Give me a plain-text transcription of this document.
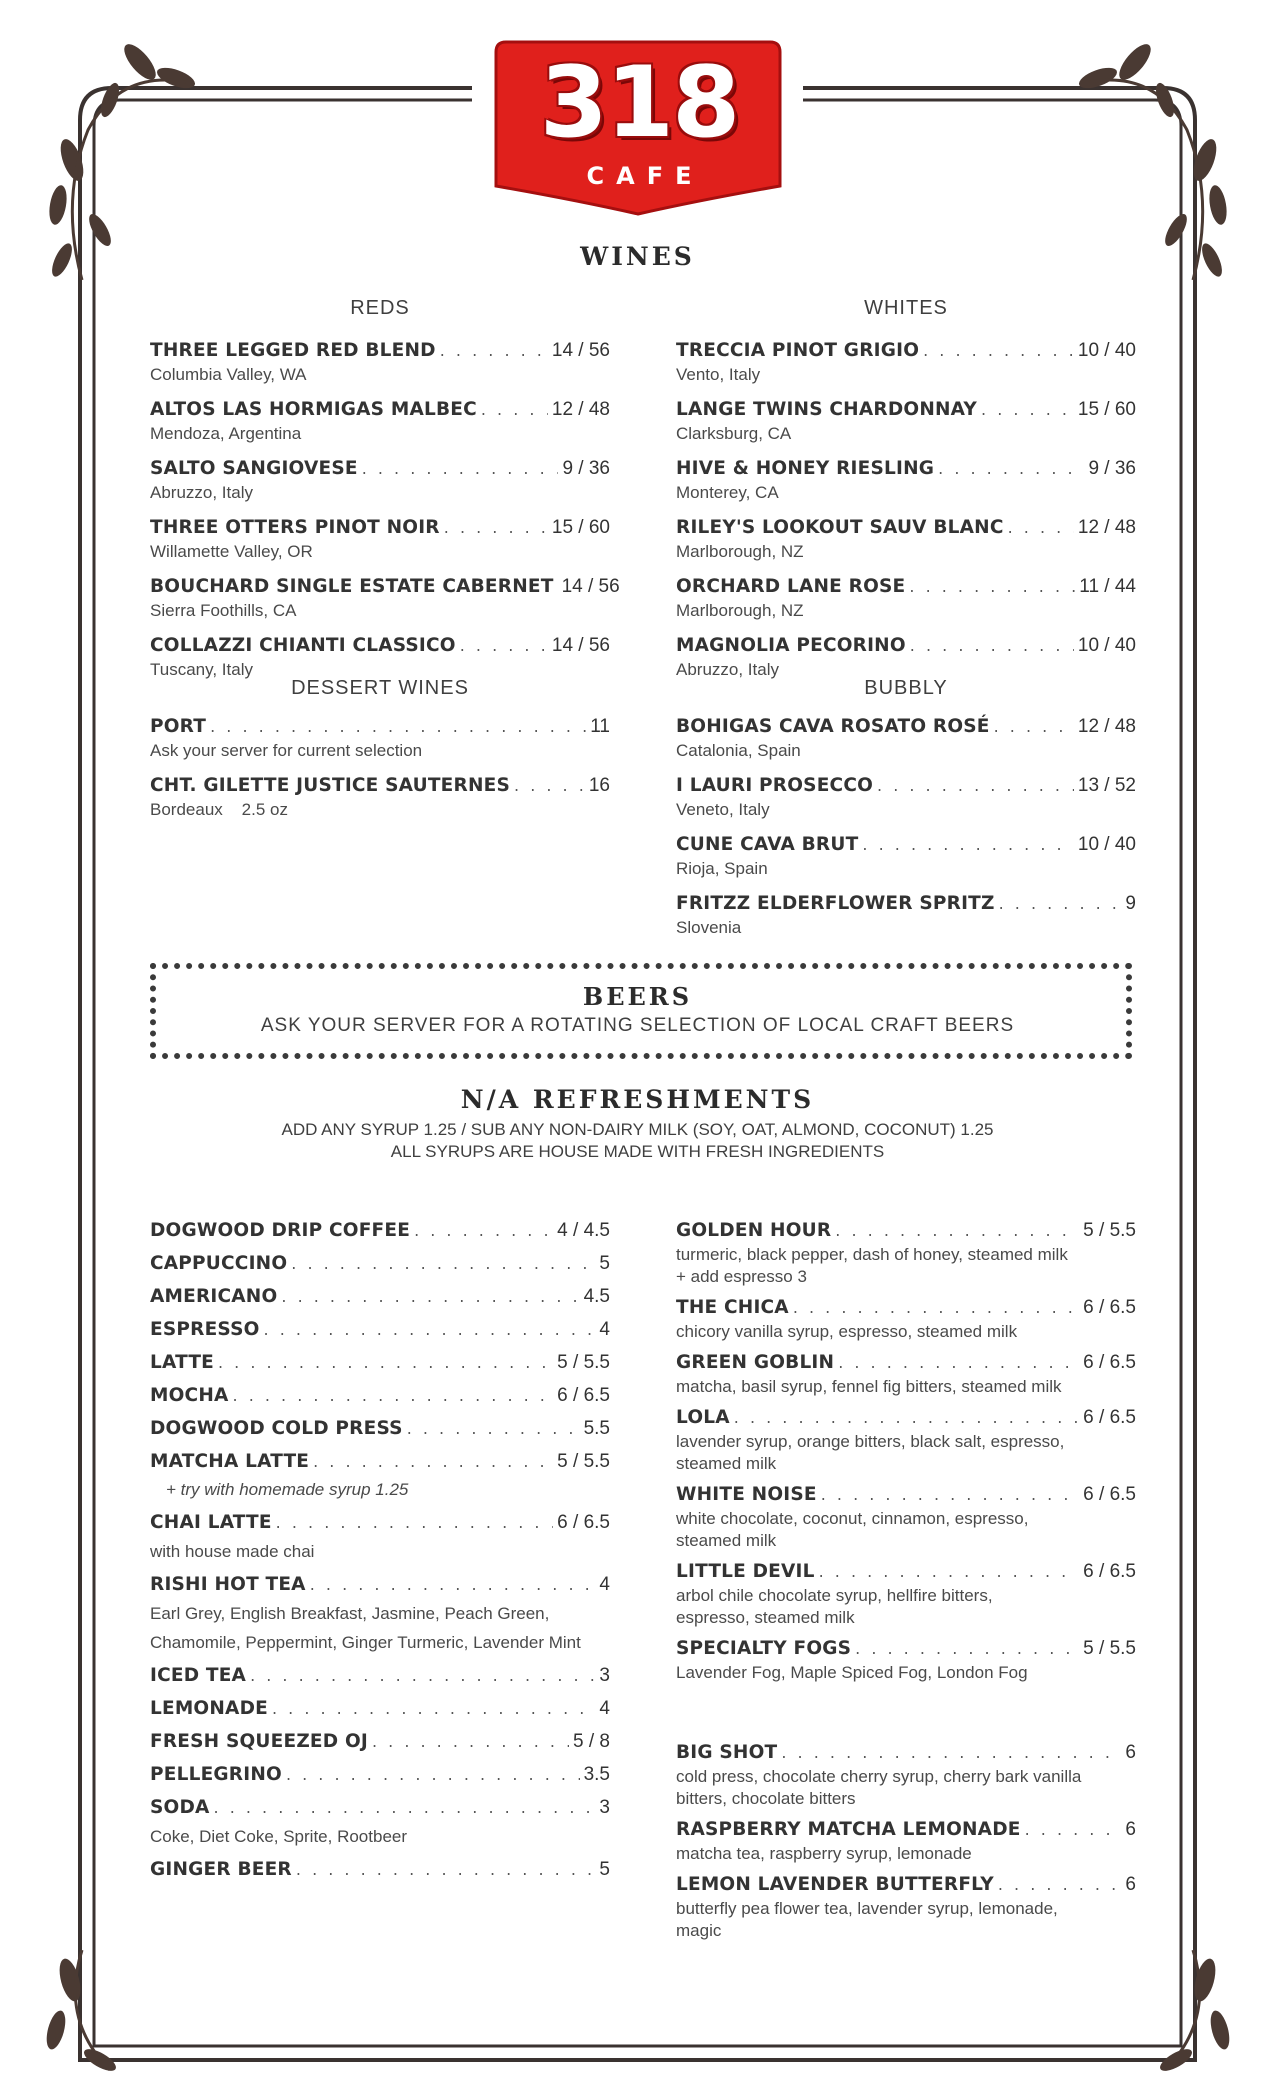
318
CAFE
WINES
REDS	WHITES
THREE LEGGED RED BLEND . . .	14 / 56
Columbia Valley, WA
ALTOS LAS HORMIGAS MALBEC . . .	12 / 48
Mendoza, Argentina
SALTO SANGIOVESE . . .	9 / 36
Abruzzo, Italy
THREE OTTERS PINOT NOIR . . .	15 / 60
Willamette Valley, OR
BOUCHARD SINGLE ESTATE CABERNET 14 / 56
Sierra Foothills, CA
COLLAZZI CHIANTI CLASSICO . . .	14 / 56
Tuscany, Italy
DESSERT WINES
PORT . . .	11
Ask your server for current selection
CHT. GILETTE JUSTICE SAUTERNES . . .	16
Bordeaux    2.5 oz
TRECCIA PINOT GRIGIO . . .	10 / 40
Vento, Italy
LANGE TWINS CHARDONNAY . . .	15 / 60
Clarksburg, CA
HIVE & HONEY RIESLING . . .	9 / 36
Monterey, CA
RILEY'S LOOKOUT SAUV BLANC . . .	12 / 48
Marlborough, NZ
ORCHARD LANE ROSE . . .	11 / 44
Marlborough, NZ
MAGNOLIA PECORINO . . .	10 / 40
Abruzzo, Italy
BUBBLY
BOHIGAS CAVA ROSATO ROSÉ . . .	12 / 48
Catalonia, Spain
I LAURI PROSECCO . . .	13 / 52
Veneto, Italy
CUNE CAVA BRUT . . .	10 / 40
Rioja, Spain
FRITZZ ELDERFLOWER SPRITZ . . .	9
Slovenia
BEERS
ASK YOUR SERVER FOR A ROTATING SELECTION OF LOCAL CRAFT BEERS
N/A REFRESHMENTS
ADD ANY SYRUP 1.25 / SUB ANY NON-DAIRY MILK (SOY, OAT, ALMOND, COCONUT) 1.25
ALL SYRUPS ARE HOUSE MADE WITH FRESH INGREDIENTS
DOGWOOD DRIP COFFEE . . .	4 / 4.5
CAPPUCCINO . . .	5
AMERICANO . . .	4.5
ESPRESSO . . .	4
LATTE . . .	5 / 5.5
MOCHA . . .	6 / 6.5
DOGWOOD COLD PRESS . . .	5.5
MATCHA LATTE . . .	5 / 5.5
+ try with homemade syrup 1.25
CHAI LATTE . . .	6 / 6.5
with house made chai
RISHI HOT TEA . . .	4
Earl Grey, English Breakfast, Jasmine, Peach Green,
Chamomile, Peppermint, Ginger Turmeric, Lavender Mint
ICED TEA . . .	3
LEMONADE . . .	4
FRESH SQUEEZED OJ . . .	5 / 8
PELLEGRINO . . .	3.5
SODA . . .	3
Coke, Diet Coke, Sprite, Rootbeer
GINGER BEER . . .	5
GOLDEN HOUR . . .	5 / 5.5
turmeric, black pepper, dash of honey, steamed milk
+ add espresso 3
THE CHICA . . .	6 / 6.5
chicory vanilla syrup, espresso, steamed milk
GREEN GOBLIN . . .	6 / 6.5
matcha, basil syrup, fennel fig bitters, steamed milk
LOLA . . .	6 / 6.5
lavender syrup, orange bitters, black salt, espresso,
steamed milk
WHITE NOISE . . .	6 / 6.5
white chocolate, coconut, cinnamon, espresso,
steamed milk
LITTLE DEVIL . . .	6 / 6.5
arbol chile chocolate syrup, hellfire bitters,
espresso, steamed milk
SPECIALTY FOGS . . .	5 / 5.5
Lavender Fog, Maple Spiced Fog, London Fog
BIG SHOT . . .	6
cold press, chocolate cherry syrup, cherry bark vanilla
bitters, chocolate bitters
RASPBERRY MATCHA LEMONADE . . .	6
matcha tea, raspberry syrup, lemonade
LEMON LAVENDER BUTTERFLY . . .	6
butterfly pea flower tea, lavender syrup, lemonade,
magic
